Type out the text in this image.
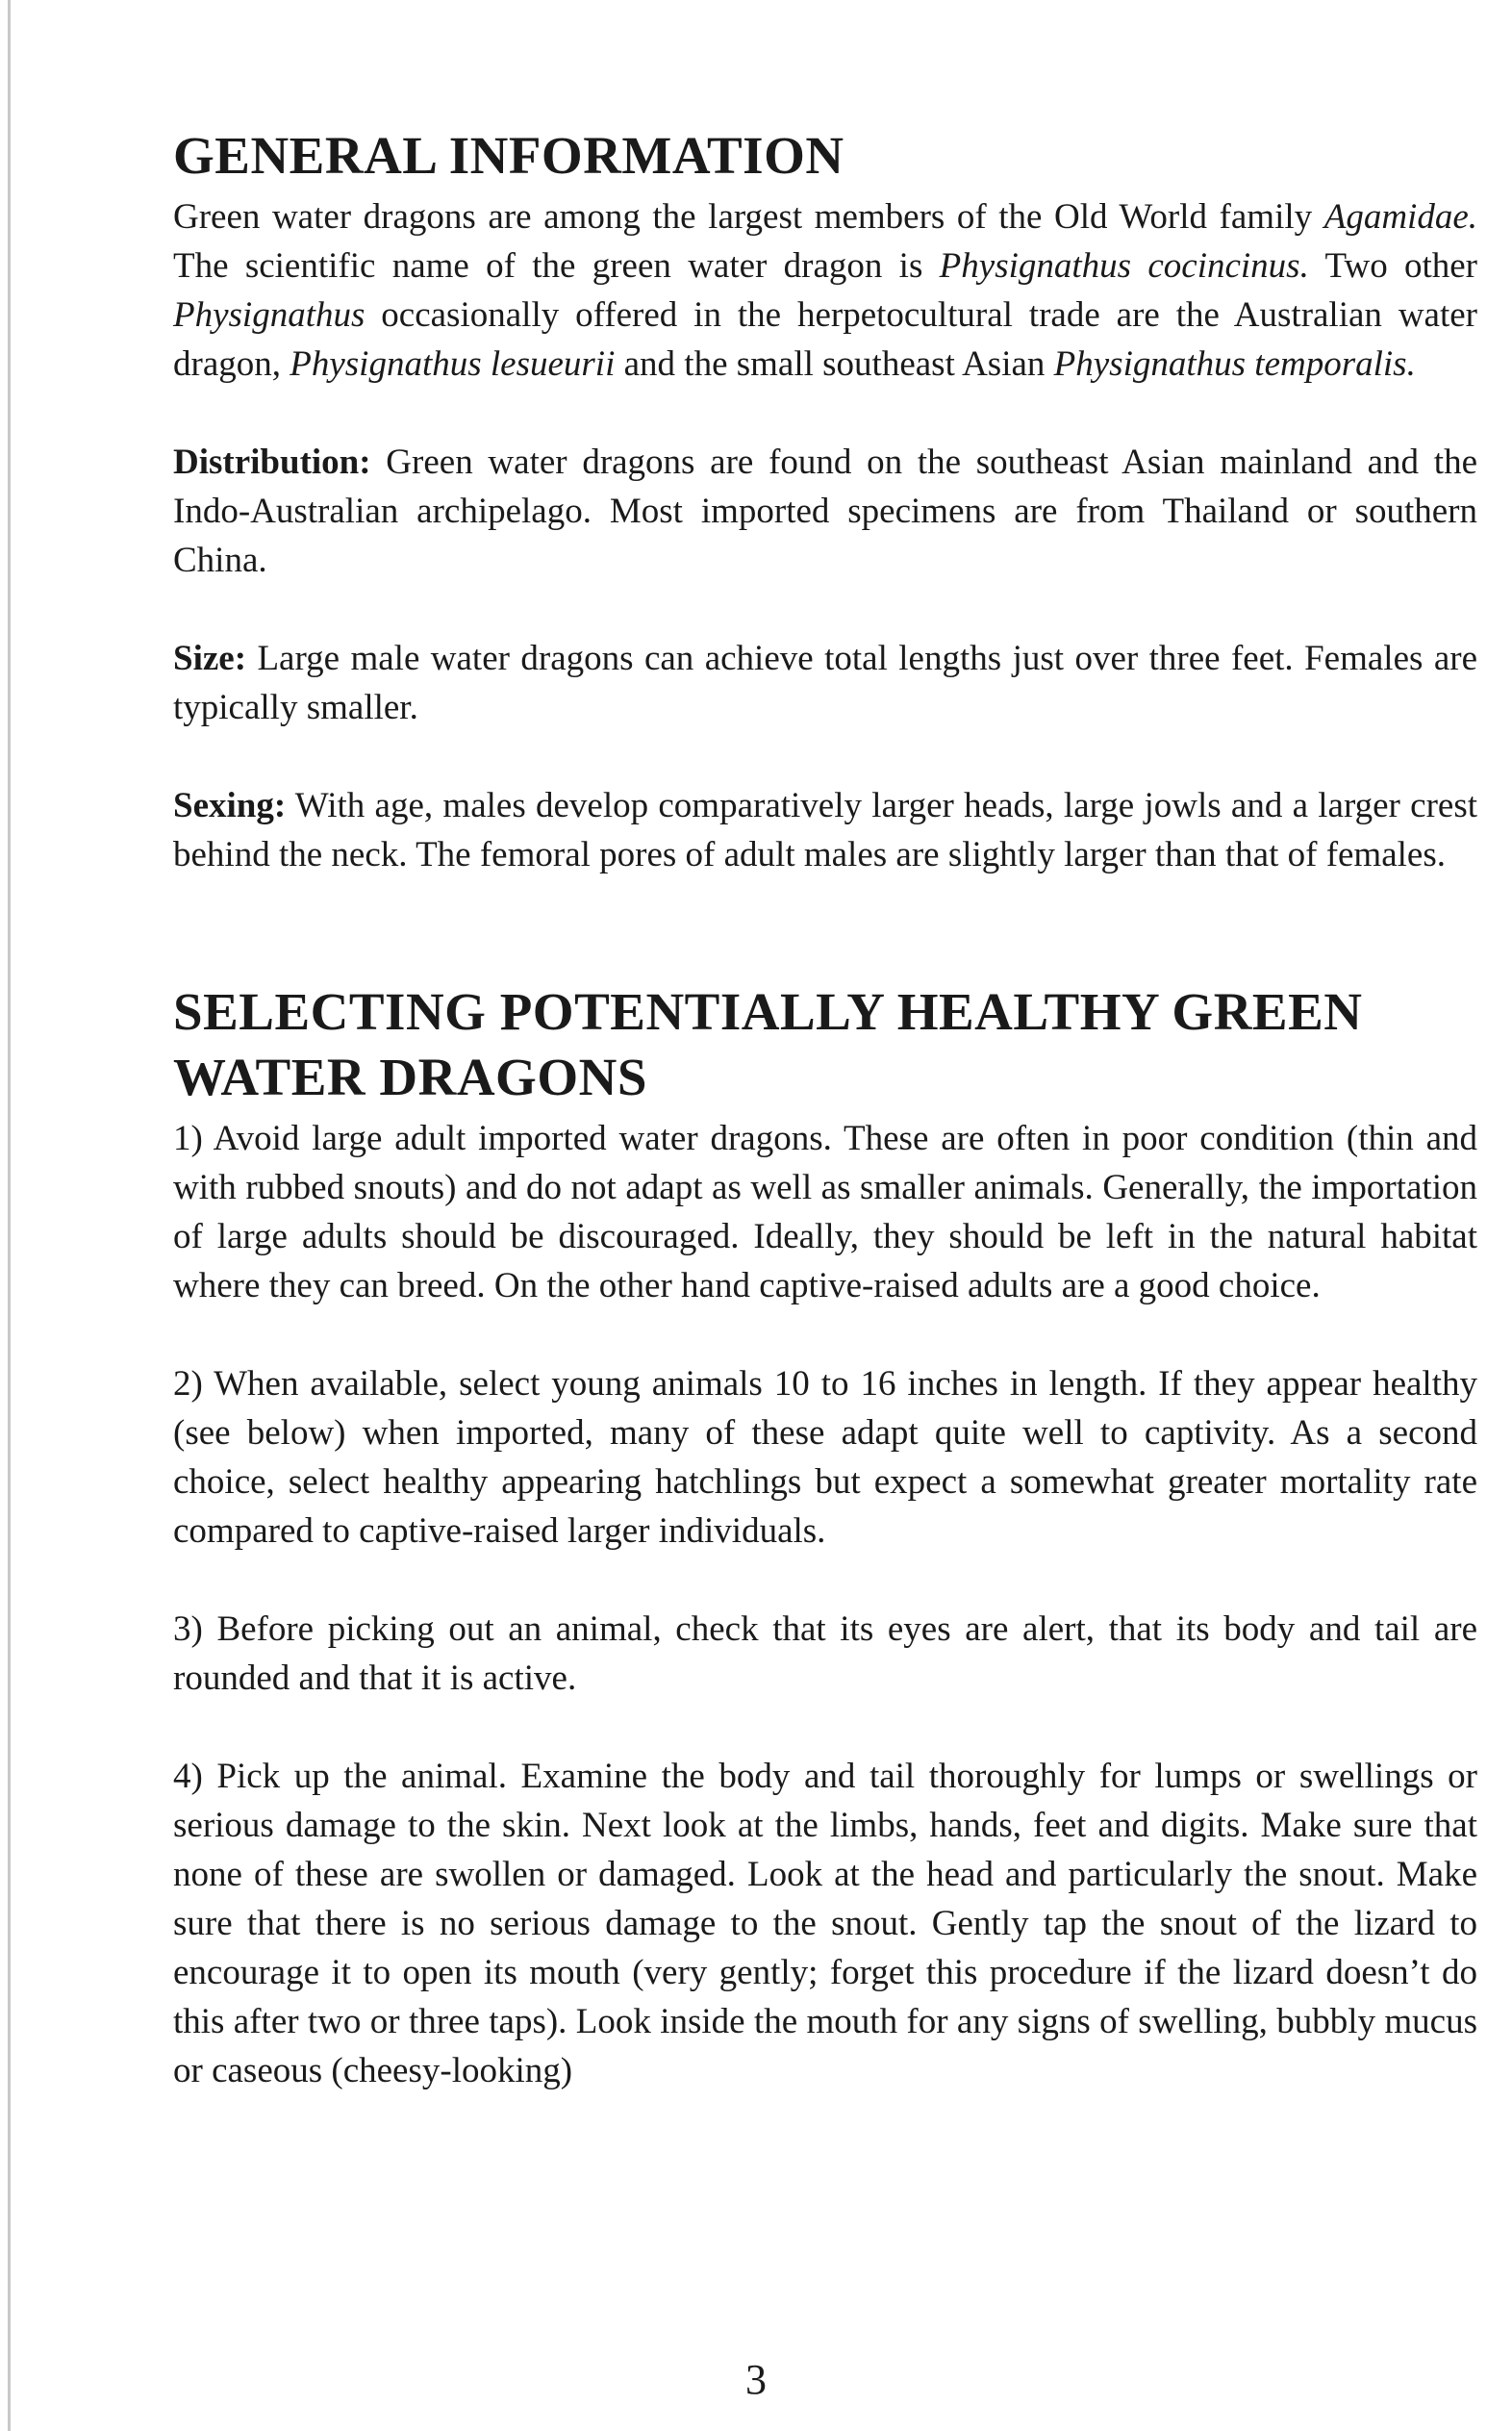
GENERAL INFORMATION

Green water dragons are among the largest members of the Old World family Agamidae. The scientific name of the green water dragon is Physignathus cocincinus. Two other Physignathus occasionally offered in the herpetocultural trade are the Australian water dragon, Physignathus lesueurii and the small southeast Asian Physignathus temporalis.

Distribution: Green water dragons are found on the southeast Asian mainland and the Indo-Australian archipelago. Most imported specimens are from Thailand or southern China.

Size: Large male water dragons can achieve total lengths just over three feet. Females are typically smaller.

Sexing: With age, males develop comparatively larger heads, large jowls and a larger crest behind the neck. The femoral pores of adult males are slightly larger than that of females.

SELECTING POTENTIALLY HEALTHY GREEN
WATER DRAGONS

1) Avoid large adult imported water dragons. These are often in poor condition (thin and with rubbed snouts) and do not adapt as well as smaller animals. Generally, the importation of large adults should be discouraged. Ideally, they should be left in the natural habitat where they can breed. On the other hand captive-raised adults are a good choice.

2) When available, select young animals 10 to 16 inches in length. If they appear healthy (see below) when imported, many of these adapt quite well to captivity. As a second choice, select healthy appearing hatchlings but expect a somewhat greater mortality rate compared to captive-raised larger individuals.

3) Before picking out an animal, check that its eyes are alert, that its body and tail are rounded and that it is active.

4) Pick up the animal. Examine the body and tail thoroughly for lumps or swellings or serious damage to the skin. Next look at the limbs, hands, feet and digits. Make sure that none of these are swollen or damaged. Look at the head and particularly the snout. Make sure that there is no serious damage to the snout. Gently tap the snout of the lizard to encourage it to open its mouth (very gently; forget this procedure if the lizard doesn’t do this after two or three taps). Look inside the mouth for any signs of swelling, bubbly mucus or caseous (cheesy-looking)

3
